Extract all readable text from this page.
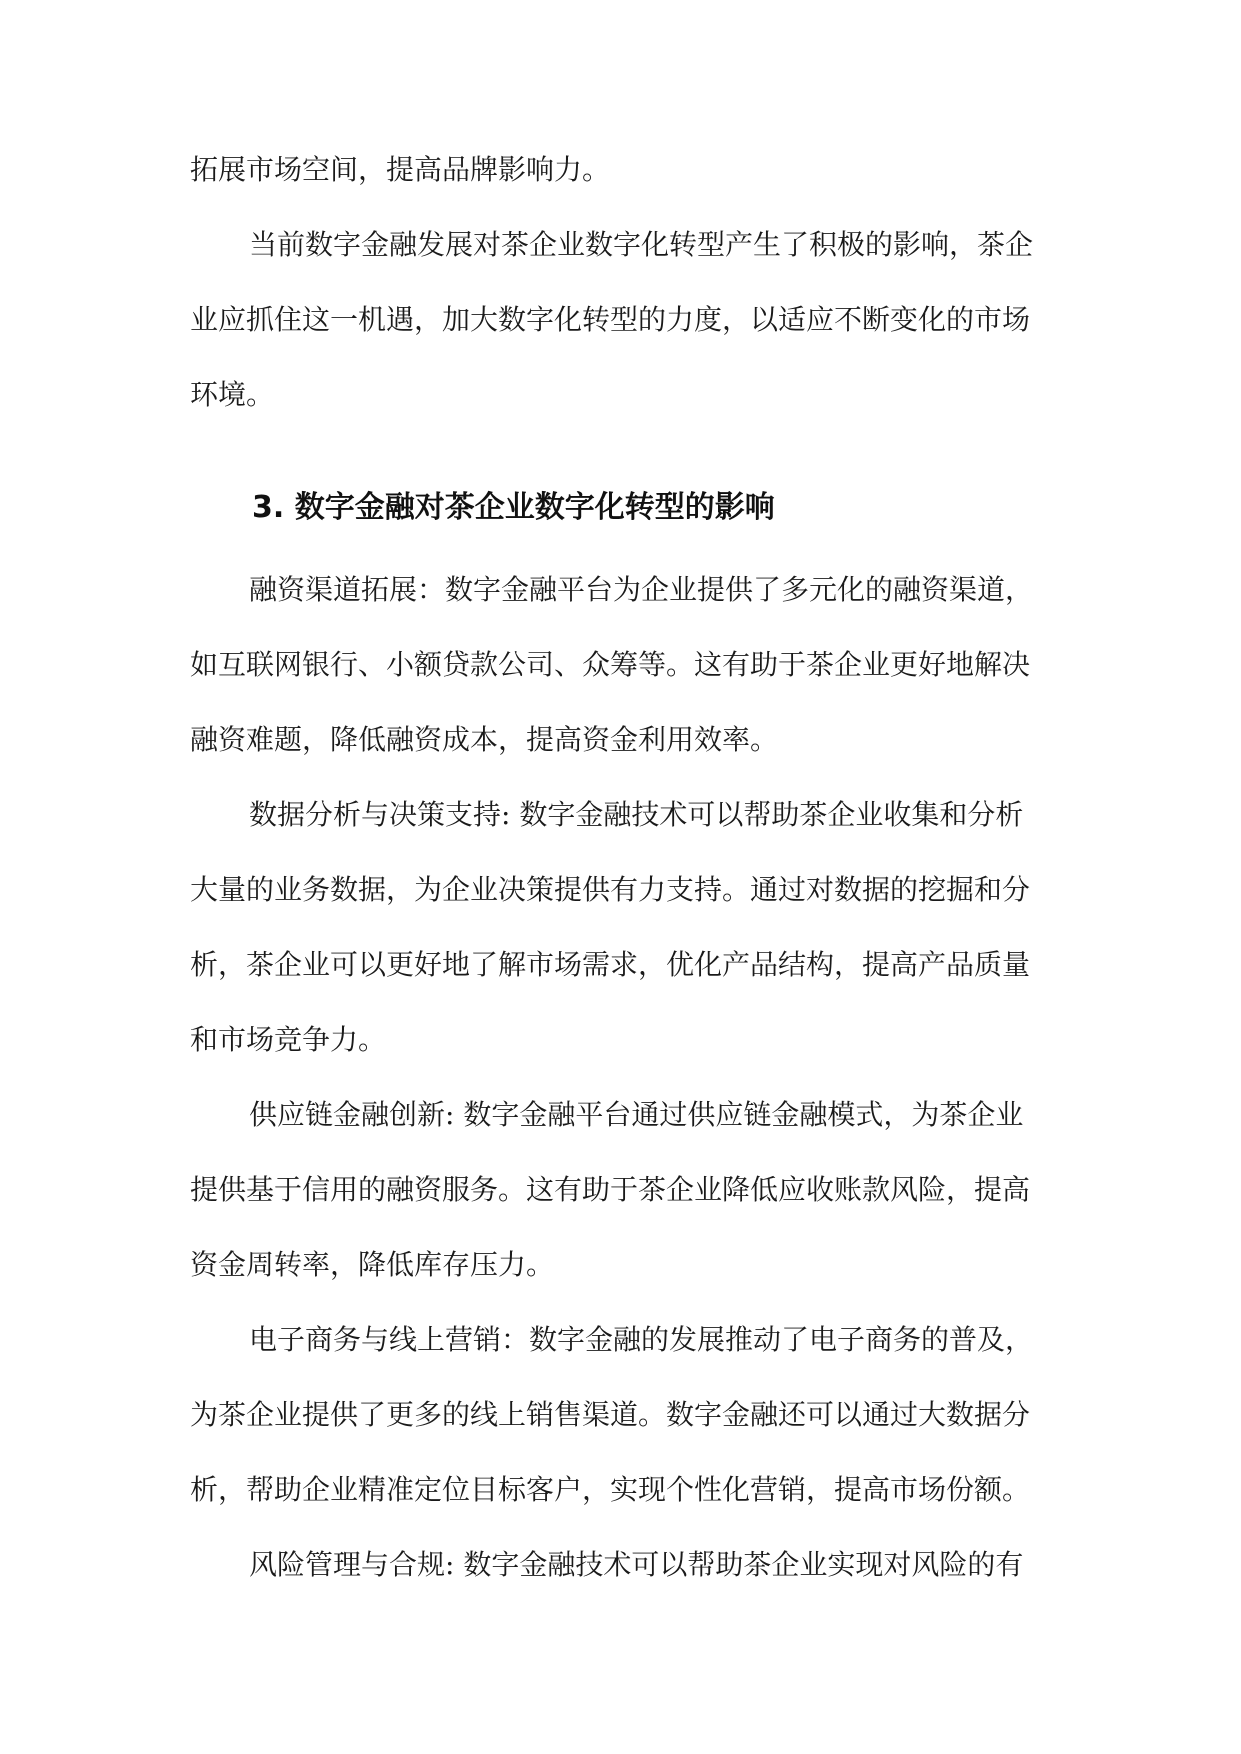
拓展市场空间，提高品牌影响力。
当前数字金融发展对茶企业数字化转型产生了积极的影响，茶企
业应抓住这一机遇，加大数字化转型的力度，以适应不断变化的市场
环境。
3. 数字金融对茶企业数字化转型的影响
融资渠道拓展：数字金融平台为企业提供了多元化的融资渠道，
如互联网银行、小额贷款公司、众筹等。这有助于茶企业更好地解决
融资难题，降低融资成本，提高资金利用效率。
数据分析与决策支持: 数字金融技术可以帮助茶企业收集和分析
大量的业务数据，为企业决策提供有力支持。通过对数据的挖掘和分
析，茶企业可以更好地了解市场需求，优化产品结构，提高产品质量
和市场竞争力。
供应链金融创新: 数字金融平台通过供应链金融模式，为茶企业
提供基于信用的融资服务。这有助于茶企业降低应收账款风险，提高
资金周转率，降低库存压力。
电子商务与线上营销：数字金融的发展推动了电子商务的普及，
为茶企业提供了更多的线上销售渠道。数字金融还可以通过大数据分
析，帮助企业精准定位目标客户，实现个性化营销，提高市场份额。
风险管理与合规: 数字金融技术可以帮助茶企业实现对风险的有
